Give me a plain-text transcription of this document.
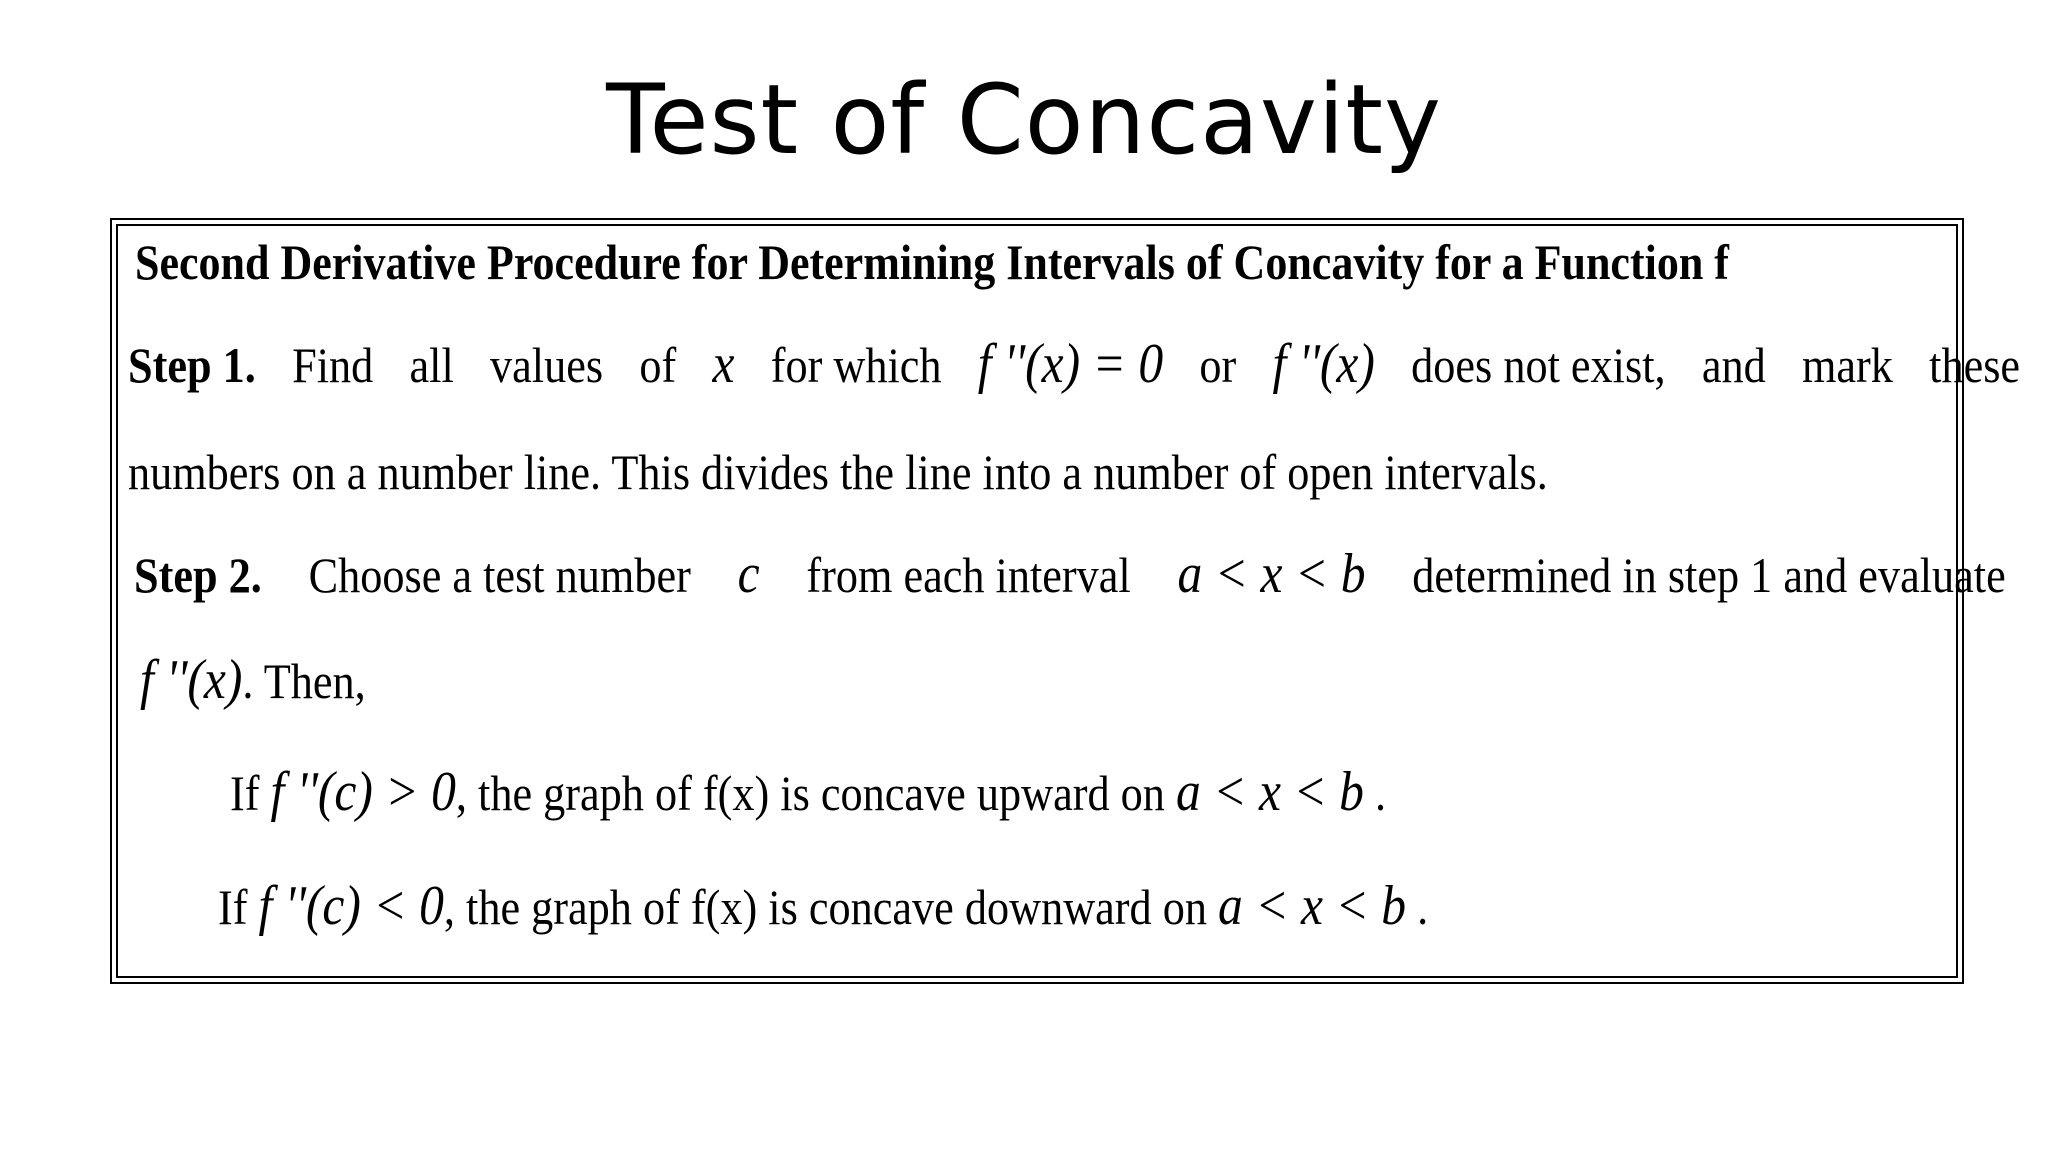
Test of Concavity
Second Derivative Procedure for Determining Intervals of Concavity for a Function f
Step 1. Find all values of x for which f ''(x) = 0 or f ''(x) does not exist, and mark these
numbers on a number line. This divides the line into a number of open intervals.
Step 2. Choose a test number c from each interval a < x < b determined in step 1 and evaluate
f ''(x). Then,
If f ''(c) > 0, the graph of f(x) is concave upward on a < x < b .
If f ''(c) < 0, the graph of f(x) is concave downward on a < x < b .
